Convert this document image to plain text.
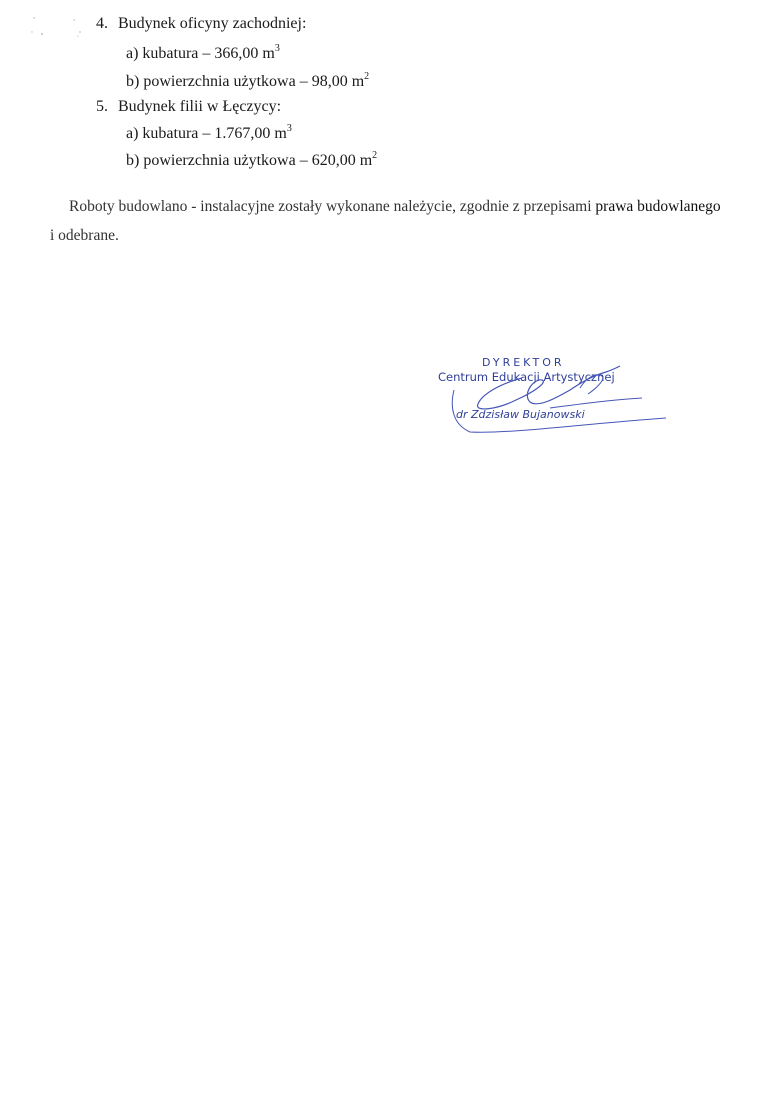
4. Budynek oficyny zachodniej:
a) kubatura – 366,00 $m^3$
b) powierzchnia użytkowa – 98,00 $m^2$
5. Budynek filii w Łęczycy:
a) kubatura – 1.767,00 $m^3$
b) powierzchnia użytkowa – 620,00 $m^2$
Roboty budowlano - instalacyjne zostały wykonane należycie, zgodnie z przepisami prawa budowlanego
i odebrane.
DYREKTOR
Centrum Edukacji Artystycznej
dr Zdzisław Bujanowski
